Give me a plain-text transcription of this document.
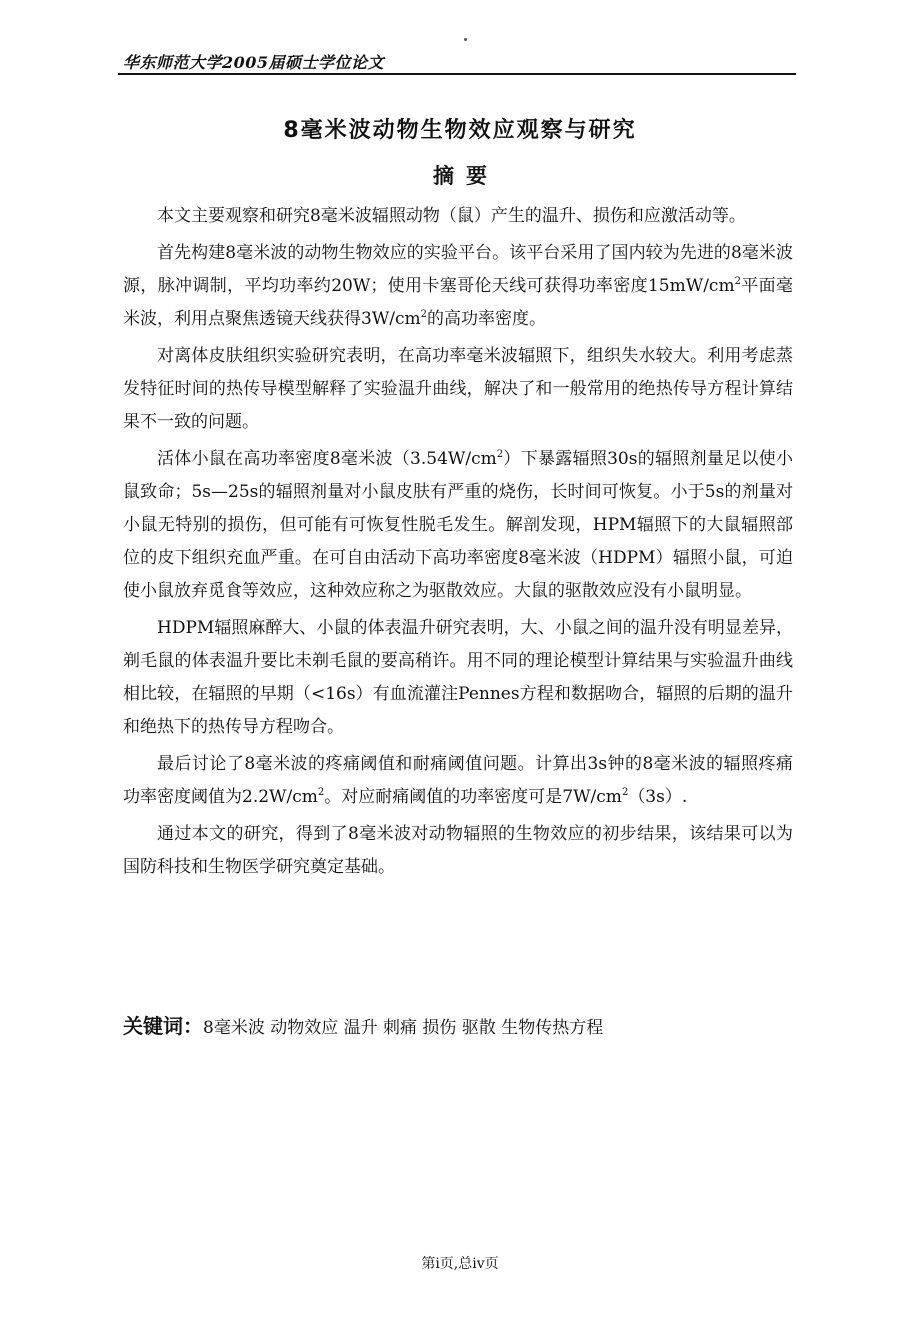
华东师范大学2005届硕士学位论文
8毫米波动物生物效应观察与研究
摘要

本文主要观察和研究8毫米波辐照动物（鼠）产生的温升、损伤和应激活动等。

首先构建8毫米波的动物生物效应的实验平台。该平台采用了国内较为先进的8毫米波源，脉冲调制，平均功率约20W；使用卡塞哥伦天线可获得功率密度$15mW/cm^2$平面毫米波，利用点聚焦透镜天线获得$3W/cm^2$的高功率密度。

对离体皮肤组织实验研究表明，在高功率毫米波辐照下，组织失水较大。利用考虑蒸发特征时间的热传导模型解释了实验温升曲线，解决了和一般常用的绝热传导方程计算结果不一致的问题。

活体小鼠在高功率密度8毫米波$(3.54W/cm^2)$下暴露辐照30s的辐照剂量足以使小鼠致命；5s—25s的辐照剂量对小鼠皮肤有严重的烧伤，长时间可恢复。小于5s的剂量对小鼠无特别的损伤，但可能有可恢复性脱毛发生。解剖发现，HPM辐照下的大鼠辐照部位的皮下组织充血严重。在可自由活动下高功率密度8毫米波（HDPM）辐照小鼠，可迫使小鼠放弃觅食等效应，这种效应称之为驱散效应。大鼠的驱散效应没有小鼠明显。

HDPM辐照麻醉大、小鼠的体表温升研究表明，大、小鼠之间的温升没有明显差异，剃毛鼠的体表温升要比未剃毛鼠的要高稍许。用不同的理论模型计算结果与实验温升曲线相比较，在辐照的早期（<16s）有血流灌注Pennes方程和数据吻合，辐照的后期的温升和绝热下的热传导方程吻合。

最后讨论了8毫米波的疼痛阈值和耐痛阈值问题。计算出3s钟的8毫米波的辐照疼痛功率密度阈值为$2.2W/cm^2$。对应耐痛阈值的功率密度可是$7W/cm^2(3s)$.

通过本文的研究，得到了8毫米波对动物辐照的生物效应的初步结果，该结果可以为国防科技和生物医学研究奠定基础。

关键词：8毫米波 动物效应 温升 刺痛 损伤 驱散 生物传热方程
第i页,总iv页
